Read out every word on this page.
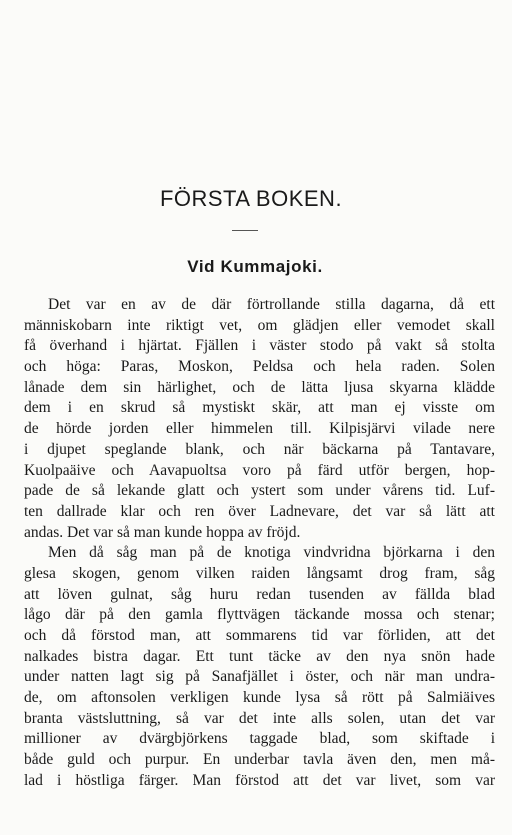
FÖRSTA BOKEN.
Vid Kummajoki.
Det var en av de där förtrollande stilla dagarna, då ett
människobarn inte riktigt vet, om glädjen eller vemodet skall
få överhand i hjärtat. Fjällen i väster stodo på vakt så stolta
och höga: Paras, Moskon, Peldsa och hela raden. Solen
lånade dem sin härlighet, och de lätta ljusa skyarna klädde
dem i en skrud så mystiskt skär, att man ej visste om
de hörde jorden eller himmelen till. Kilpisjärvi vilade nere
i djupet speglande blank, och när bäckarna på Tantavare,
Kuolpaäive och Aavapuoltsa voro på färd utför bergen, hop-
pade de så lekande glatt och ystert som under vårens tid. Luf-
ten dallrade klar och ren över Ladnevare, det var så lätt att
andas. Det var så man kunde hoppa av fröjd.
Men då såg man på de knotiga vindvridna björkarna i den
glesa skogen, genom vilken raiden långsamt drog fram, såg
att löven gulnat, såg huru redan tusenden av fällda blad
lågo där på den gamla flyttvägen täckande mossa och stenar;
och då förstod man, att sommarens tid var förliden, att det
nalkades bistra dagar. Ett tunt täcke av den nya snön hade
under natten lagt sig på Sanafjället i öster, och när man undra-
de, om aftonsolen verkligen kunde lysa så rött på Salmiäives
branta västsluttning, så var det inte alls solen, utan det var
millioner av dvärgbjörkens taggade blad, som skiftade i
både guld och purpur. En underbar tavla även den, men må-
lad i höstliga färger. Man förstod att det var livet, som var
